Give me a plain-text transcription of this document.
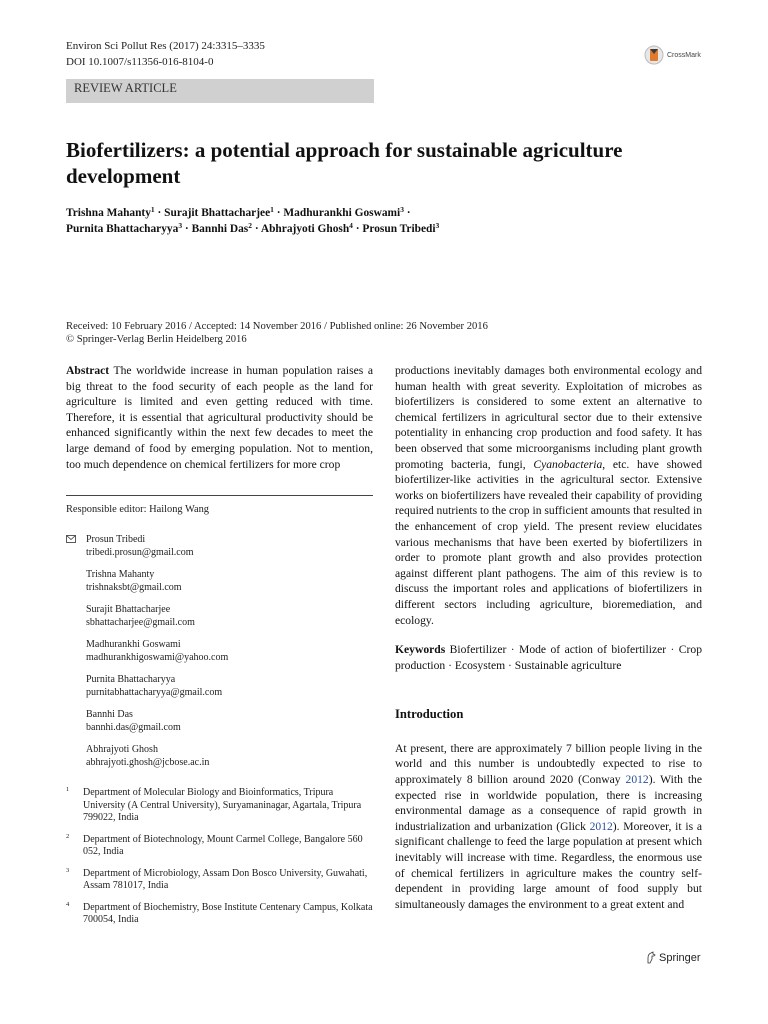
Environ Sci Pollut Res (2017) 24:3315–3335
DOI 10.1007/s11356-016-8104-0
CrossMark
REVIEW ARTICLE
Biofertilizers: a potential approach for sustainable agriculture development
Trishna Mahanty$^1$ · Surajit Bhattacharjee$^1$ · Madhurankhi Goswami$^3$ ·
Purnita Bhattacharyya$^3$ · Bannhi Das$^2$ · Abhrajyoti Ghosh$^4$ · Prosun Tribedi$^3$
Received: 10 February 2016 / Accepted: 14 November 2016 / Published online: 26 November 2016
© Springer-Verlag Berlin Heidelberg 2016
Abstract The worldwide increase in human population raises a big threat to the food security of each people as the land for agriculture is limited and even getting reduced with time. Therefore, it is essential that agricultural productivity should be enhanced significantly within the next few decades to meet the large demand of food by emerging population. Not to mention, too much dependence on chemical fertilizers for more crop
Responsible editor: Hailong Wang
Prosun Tribedi
tribedi.prosun@gmail.com
Trishna Mahanty
trishnaksbt@gmail.com
Surajit Bhattacharjee
sbhattacharjee@gmail.com
Madhurankhi Goswami
madhurankhigoswami@yahoo.com
Purnita Bhattacharyya
purnitabhattacharyya@gmail.com
Bannhi Das
bannhi.das@gmail.com
Abhrajyoti Ghosh
abhrajyoti.ghosh@jcbose.ac.in
1 Department of Molecular Biology and Bioinformatics, Tripura University (A Central University), Suryamaninagar, Agartala, Tripura 799022, India
2 Department of Biotechnology, Mount Carmel College, Bangalore 560 052, India
3 Department of Microbiology, Assam Don Bosco University, Guwahati, Assam 781017, India
4 Department of Biochemistry, Bose Institute Centenary Campus, Kolkata 700054, India
productions inevitably damages both environmental ecology and human health with great severity. Exploitation of microbes as biofertilizers is considered to some extent an alternative to chemical fertilizers in agricultural sector due to their extensive potentiality in enhancing crop production and food safety. It has been observed that some microorganisms including plant growth promoting bacteria, fungi, Cyanobacteria, etc. have showed biofertilizer-like activities in the agricultural sector. Extensive works on biofertilizers have revealed their capability of providing required nutrients to the crop in sufficient amounts that resulted in the enhancement of crop yield. The present review elucidates various mechanisms that have been exerted by biofertilizers in order to promote plant growth and also provides protection against different plant pathogens. The aim of this review is to discuss the important roles and applications of biofertilizers in different sectors including agriculture, bioremediation, and ecology.
Keywords Biofertilizer · Mode of action of biofertilizer · Crop production · Ecosystem · Sustainable agriculture
Introduction
At present, there are approximately 7 billion people living in the world and this number is undoubtedly expected to rise to approximately 8 billion around 2020 (Conway 2012). With the expected rise in worldwide population, there is increasing environmental damage as a consequence of rapid growth in industrialization and urbanization (Glick 2012). Moreover, it is a significant challenge to feed the large population at present which inevitably will increase with time. Regardless, the enormous use of chemical fertilizers in agriculture makes the country self-dependent in providing large amount of food supply but simultaneously damages the environment to a great extent and
Springer
